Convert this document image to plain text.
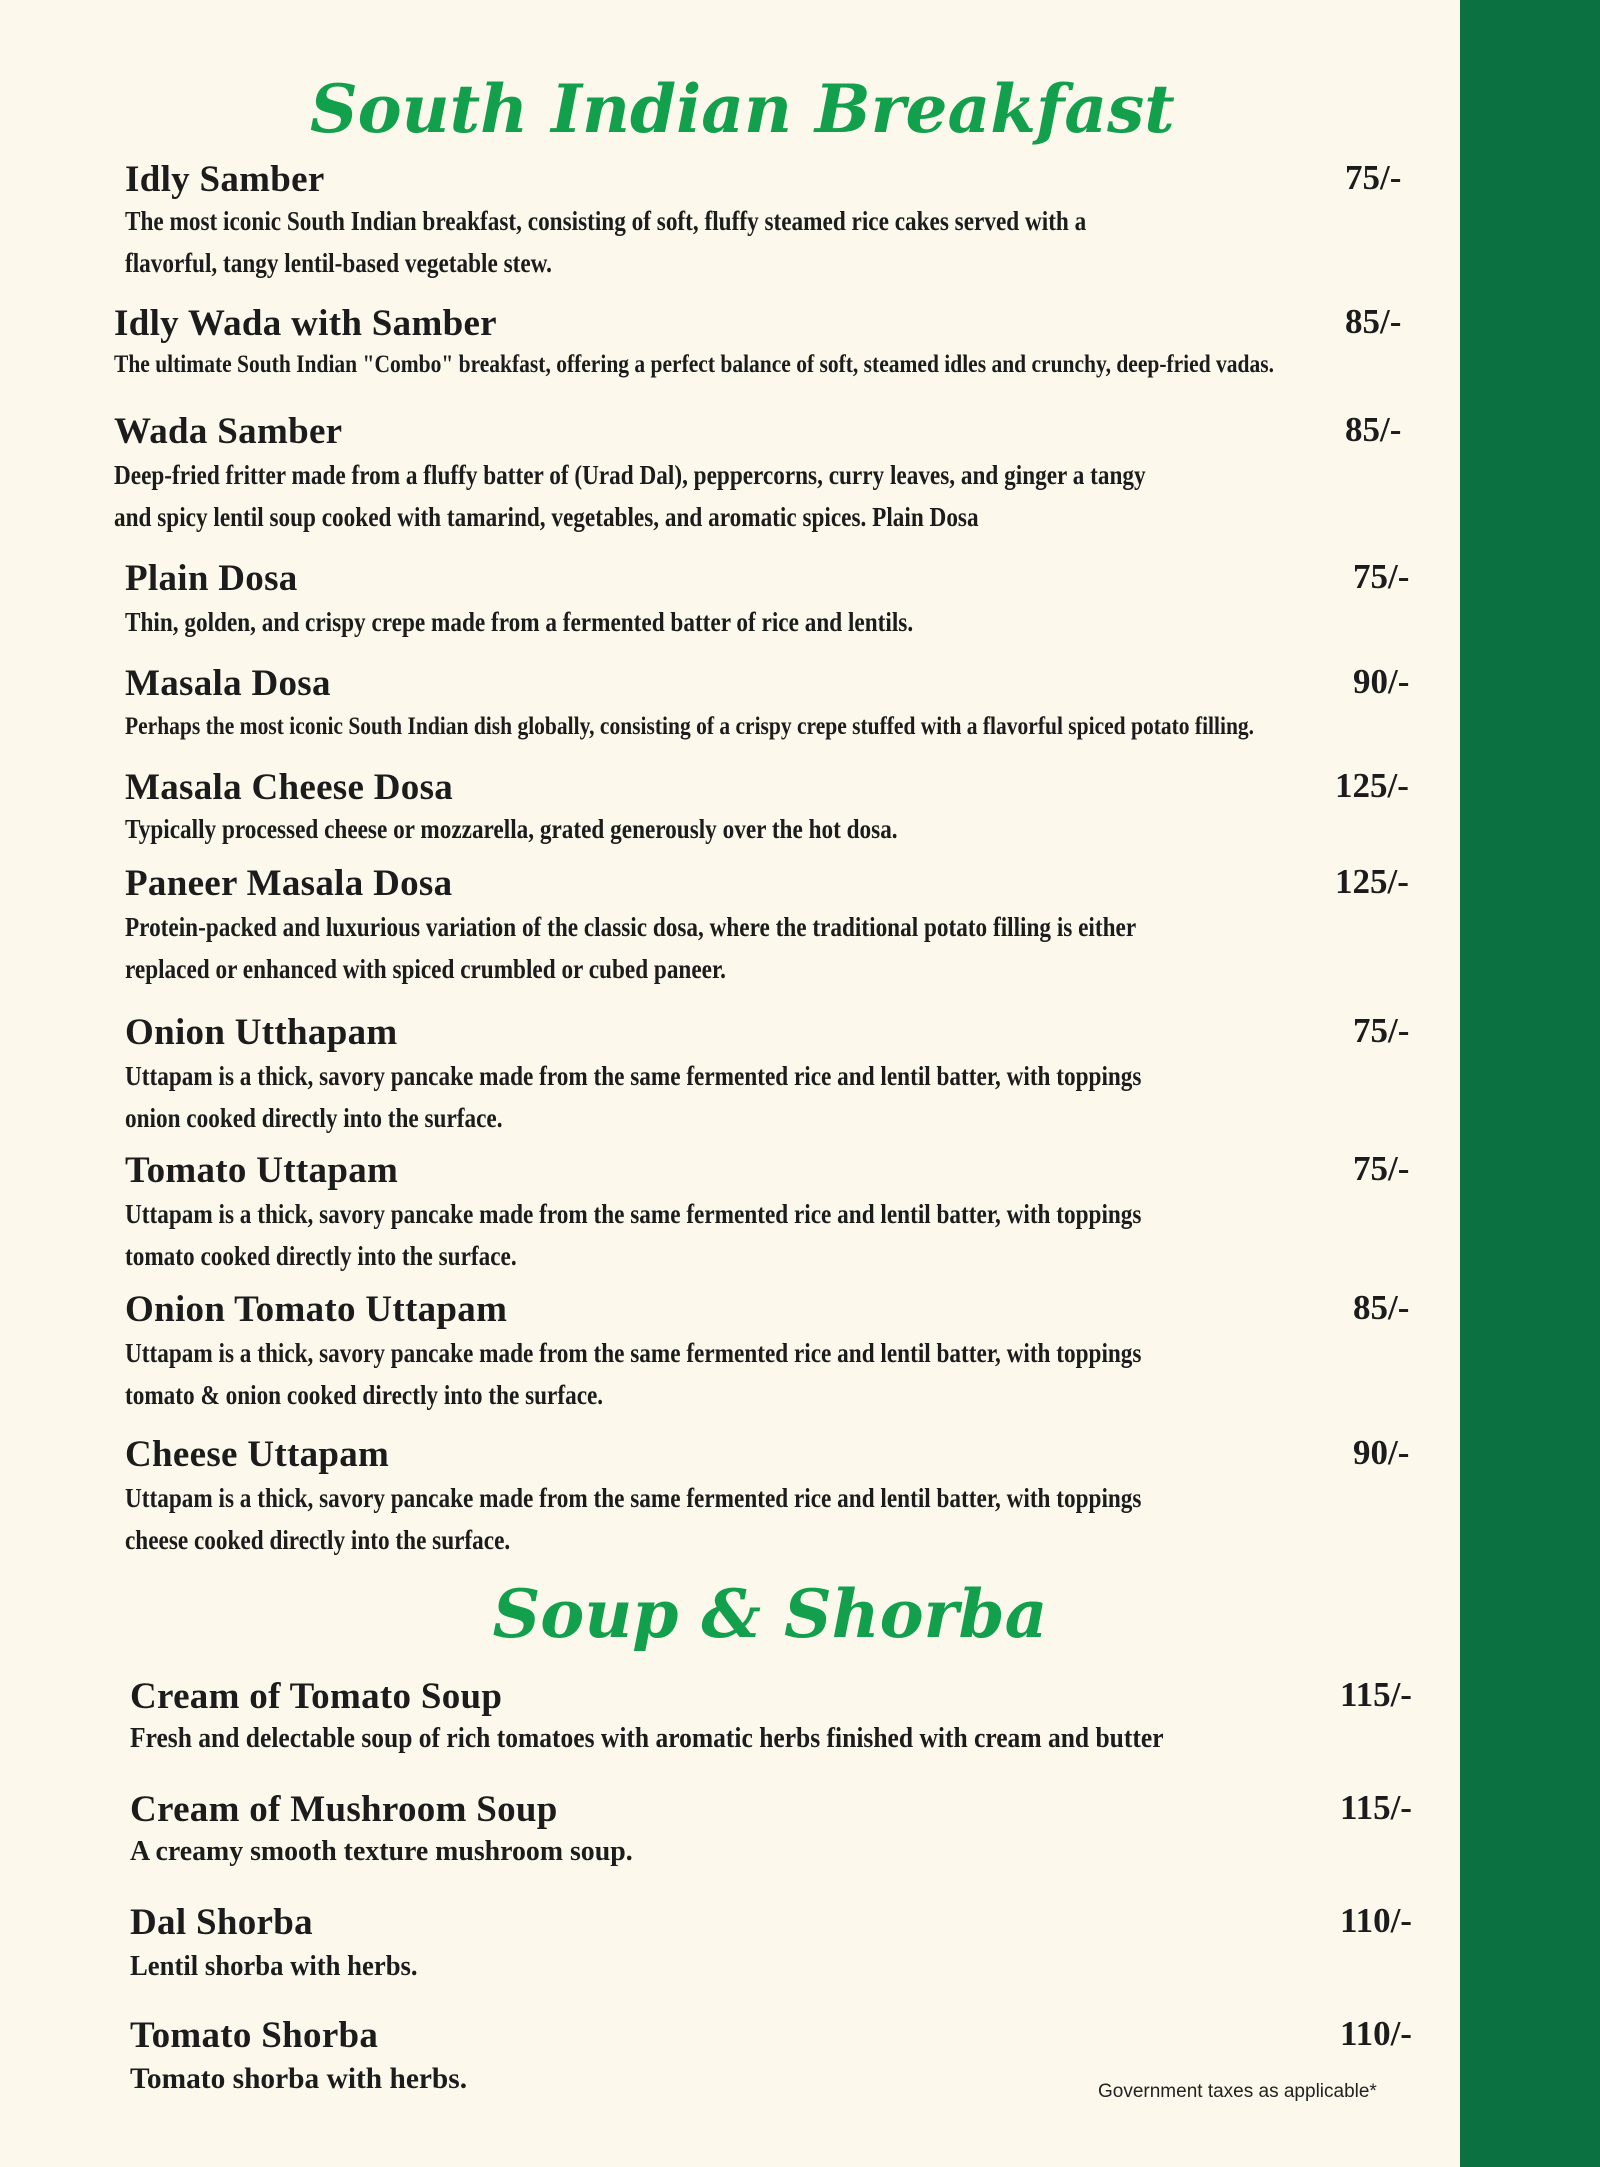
South Indian Breakfast
Idly Samber
The most iconic South Indian breakfast, consisting of soft, fluffy steamed rice cakes served with a flavorful, tangy lentil-based vegetable stew.
75/-
Idly Wada with Samber
The ultimate South Indian "Combo" breakfast, offering a perfect balance of soft, steamed idles and crunchy, deep-fried vadas.
85/-
Wada Samber
Deep-fried fritter made from a fluffy batter of (Urad Dal), peppercorns, curry leaves, and ginger a tangy and spicy lentil soup cooked with tamarind, vegetables, and aromatic spices. Plain Dosa
85/-
Plain Dosa
Thin, golden, and crispy crepe made from a fermented batter of rice and lentils.
75/-
Masala Dosa
Perhaps the most iconic South Indian dish globally, consisting of a crispy crepe stuffed with a flavorful spiced potato filling.
90/-
Masala Cheese Dosa
Typically processed cheese or mozzarella, grated generously over the hot dosa.
125/-
Paneer Masala Dosa
Protein-packed and luxurious variation of the classic dosa, where the traditional potato filling is either replaced or enhanced with spiced crumbled or cubed paneer.
125/-
Onion Utthapam
Uttapam is a thick, savory pancake made from the same fermented rice and lentil batter, with toppings onion cooked directly into the surface.
75/-
Tomato Uttapam
Uttapam is a thick, savory pancake made from the same fermented rice and lentil batter, with toppings tomato cooked directly into the surface.
75/-
Onion Tomato Uttapam
Uttapam is a thick, savory pancake made from the same fermented rice and lentil batter, with toppings tomato & onion cooked directly into the surface.
85/-
Cheese Uttapam
Uttapam is a thick, savory pancake made from the same fermented rice and lentil batter, with toppings cheese cooked directly into the surface.
90/-
Soup & Shorba
Cream of Tomato Soup
Fresh and delectable soup of rich tomatoes with aromatic herbs finished with cream and butter
115/-
Cream of Mushroom Soup
A creamy smooth texture mushroom soup.
115/-
Dal Shorba
Lentil shorba with herbs.
110/-
Tomato Shorba
Tomato shorba with herbs.
110/-
Government taxes as applicable*
